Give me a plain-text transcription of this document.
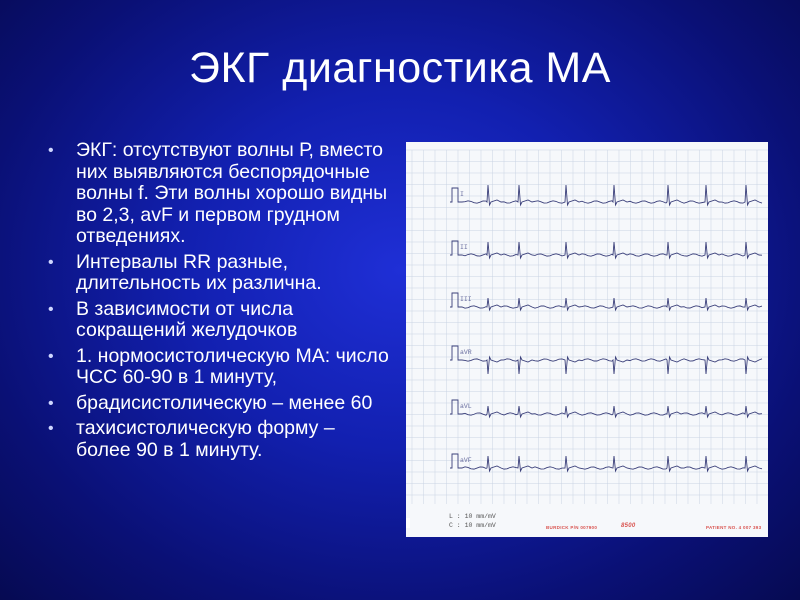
ЭКГ диагностика МА
• ЭКГ: отсутствуют волны Р, вместо них выявляются беспорядочные волны f. Эти волны хорошо видны во 2,3, avF и первом грудном отведениях.
• Интервалы RR разные, длительность их различна.
• В зависимости от числа сокращений желудочков
• 1. нормосистолическую МА: число ЧСС 60-90 в 1 минуту,
• брадисистолическую – менее 60
• тахисистолическую форму – более 90 в 1 минуту.
I
II
III
aVR
aVL
aVF
L : 10 mm/mV
C : 10 mm/mV	BURDICK P/N 007900	8500	PATIENT NO. 4 007 393
